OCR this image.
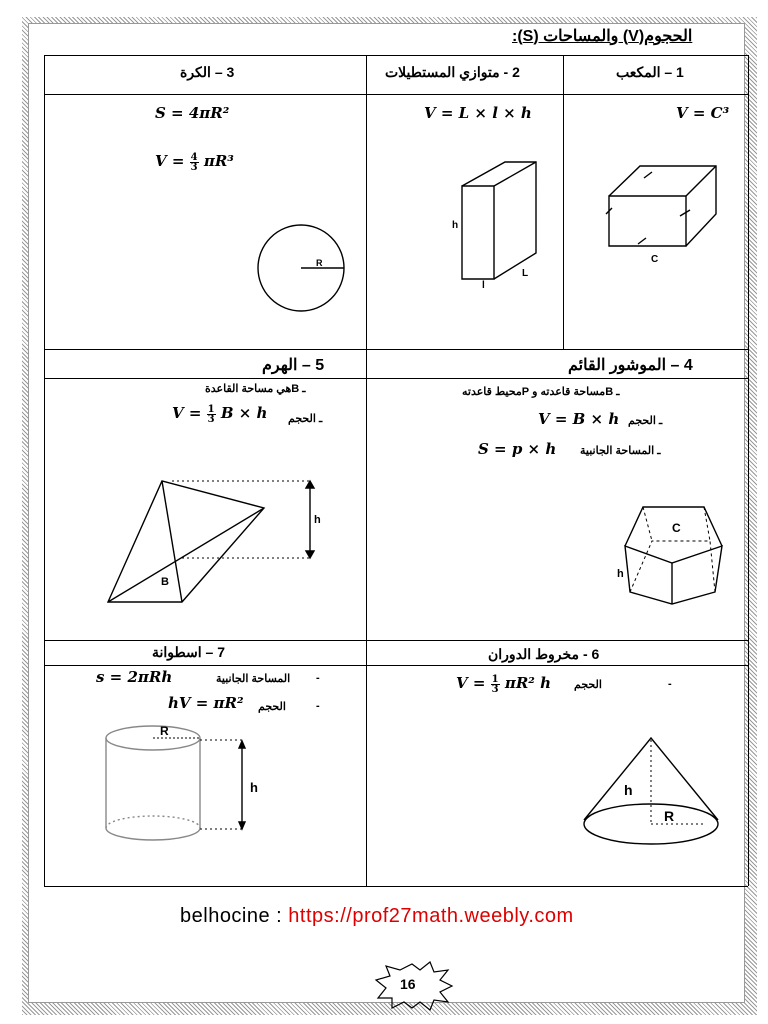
الحجوم(V) والمساحات (S):
1 – المكعب
2 - متوازي المستطيلات
3 – الكرة
4 – الموشور القائم
5 – الهرم
6 - مخروط الدوران
7 – اسطوانة
V = C³
V = L × l × h
S = 4πR²
$V = \frac{4}{3} \pi R^3$
ـ Bمساحة قاعدته و Pمحيط قاعدته
ـ الحجم
V = B × h
ـ المساحة الجانبية
S = p × h
ـ Bهي مساحة القاعدة
ـ الحجم
$V = \frac{1}{3}$ B × h
$V = \frac{1}{3} \pi R^2$ h الحجم	-
s = 2πRh	المساحة الجانبية -
hV = πR² الحجم	-
C
h
l
L
R
C
h
h
B
R
h	h
R
belhocine : https://prof27math.weebly.com
16
